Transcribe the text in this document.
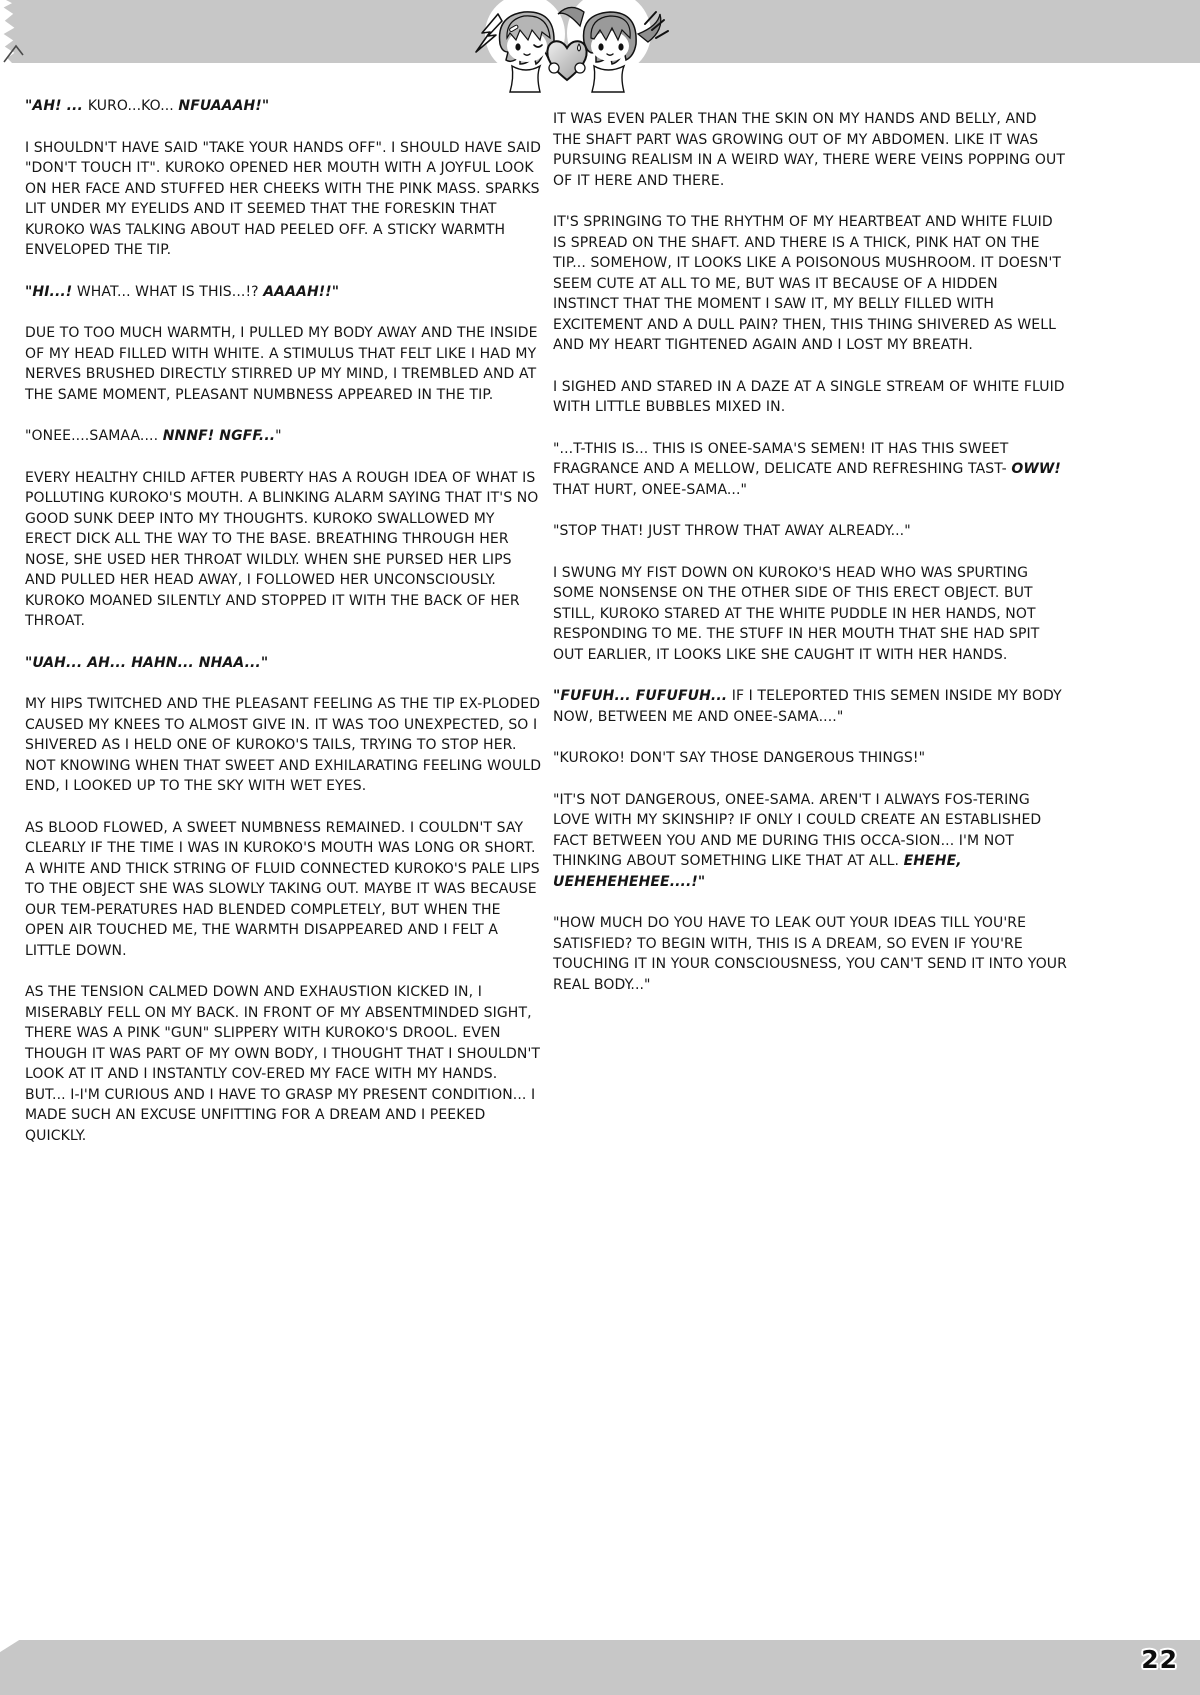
"AH! ... KURO...KO... NFUAAAH!"

I SHOULDN'T HAVE SAID "TAKE YOUR HANDS OFF". I SHOULD HAVE SAID "DON'T TOUCH IT". KUROKO OPENED HER MOUTH WITH A JOYFUL LOOK ON HER FACE AND STUFFED HER CHEEKS WITH THE PINK MASS. SPARKS LIT UNDER MY EYELIDS AND IT SEEMED THAT THE FORESKIN THAT KUROKO WAS TALKING ABOUT HAD PEELED OFF. A STICKY WARMTH ENVELOPED THE TIP.

"HI...! WHAT... WHAT IS THIS...!? AAAAH!!"

DUE TO TOO MUCH WARMTH, I PULLED MY BODY AWAY AND THE INSIDE OF MY HEAD FILLED WITH WHITE. A STIMULUS THAT FELT LIKE I HAD MY NERVES BRUSHED DIRECTLY STIRRED UP MY MIND, I TREMBLED AND AT THE SAME MOMENT, PLEASANT NUMBNESS APPEARED IN THE TIP.

"ONEE....SAMAA.... NNNF! NGFF..."

EVERY HEALTHY CHILD AFTER PUBERTY HAS A ROUGH IDEA OF WHAT IS POLLUTING KUROKO'S MOUTH. A BLINKING ALARM SAYING THAT IT'S NO GOOD SUNK DEEP INTO MY THOUGHTS. KUROKO SWALLOWED MY ERECT DICK ALL THE WAY TO THE BASE. BREATHING THROUGH HER NOSE, SHE USED HER THROAT WILDLY. WHEN SHE PURSED HER LIPS AND PULLED HER HEAD AWAY, I FOLLOWED HER UNCONSCIOUSLY. KUROKO MOANED SILENTLY AND STOPPED IT WITH THE BACK OF HER THROAT.

"UAH... AH... HAHN... NHAA..."

MY HIPS TWITCHED AND THE PLEASANT FEELING AS THE TIP EX-PLODED CAUSED MY KNEES TO ALMOST GIVE IN. IT WAS TOO UNEXPECTED, SO I SHIVERED AS I HELD ONE OF KUROKO'S TAILS, TRYING TO STOP HER. NOT KNOWING WHEN THAT SWEET AND EXHILARATING FEELING WOULD END, I LOOKED UP TO THE SKY WITH WET EYES.

AS BLOOD FLOWED, A SWEET NUMBNESS REMAINED. I COULDN'T SAY CLEARLY IF THE TIME I WAS IN KUROKO'S MOUTH WAS LONG OR SHORT. A WHITE AND THICK STRING OF FLUID CONNECTED KUROKO'S PALE LIPS TO THE OBJECT SHE WAS SLOWLY TAKING OUT. MAYBE IT WAS BECAUSE OUR TEM-PERATURES HAD BLENDED COMPLETELY, BUT WHEN THE OPEN AIR TOUCHED ME, THE WARMTH DISAPPEARED AND I FELT A LITTLE DOWN.

AS THE TENSION CALMED DOWN AND EXHAUSTION KICKED IN, I MISERABLY FELL ON MY BACK. IN FRONT OF MY ABSENTMINDED SIGHT, THERE WAS A PINK "GUN" SLIPPERY WITH KUROKO'S DROOL. EVEN THOUGH IT WAS PART OF MY OWN BODY, I THOUGHT THAT I SHOULDN'T LOOK AT IT AND I INSTANTLY COV-ERED MY FACE WITH MY HANDS. BUT... I-I'M CURIOUS AND I HAVE TO GRASP MY PRESENT CONDITION... I MADE SUCH AN EXCUSE UNFITTING FOR A DREAM AND I PEEKED QUICKLY.

IT WAS EVEN PALER THAN THE SKIN ON MY HANDS AND BELLY, AND THE SHAFT PART WAS GROWING OUT OF MY ABDOMEN. LIKE IT WAS PURSUING REALISM IN A WEIRD WAY, THERE WERE VEINS POPPING OUT OF IT HERE AND THERE.

IT'S SPRINGING TO THE RHYTHM OF MY HEARTBEAT AND WHITE FLUID IS SPREAD ON THE SHAFT. AND THERE IS A THICK, PINK HAT ON THE TIP... SOMEHOW, IT LOOKS LIKE A POISONOUS MUSHROOM. IT DOESN'T SEEM CUTE AT ALL TO ME, BUT WAS IT BECAUSE OF A HIDDEN INSTINCT THAT THE MOMENT I SAW IT, MY BELLY FILLED WITH EXCITEMENT AND A DULL PAIN? THEN, THIS THING SHIVERED AS WELL AND MY HEART TIGHTENED AGAIN AND I LOST MY BREATH.

I SIGHED AND STARED IN A DAZE AT A SINGLE STREAM OF WHITE FLUID WITH LITTLE BUBBLES MIXED IN.

"...T-THIS IS... THIS IS ONEE-SAMA'S SEMEN! IT HAS THIS SWEET FRAGRANCE AND A MELLOW, DELICATE AND REFRESHING TAST- OWW! THAT HURT, ONEE-SAMA..."

"STOP THAT! JUST THROW THAT AWAY ALREADY..."

I SWUNG MY FIST DOWN ON KUROKO'S HEAD WHO WAS SPURTING SOME NONSENSE ON THE OTHER SIDE OF THIS ERECT OBJECT. BUT STILL, KUROKO STARED AT THE WHITE PUDDLE IN HER HANDS, NOT RESPONDING TO ME. THE STUFF IN HER MOUTH THAT SHE HAD SPIT OUT EARLIER, IT LOOKS LIKE SHE CAUGHT IT WITH HER HANDS.

"FUFUH... FUFUFUH... IF I TELEPORTED THIS SEMEN INSIDE MY BODY NOW, BETWEEN ME AND ONEE-SAMA...."

"KUROKO! DON'T SAY THOSE DANGEROUS THINGS!"

"IT'S NOT DANGEROUS, ONEE-SAMA. AREN'T I ALWAYS FOS-TERING LOVE WITH MY SKINSHIP? IF ONLY I COULD CREATE AN ESTABLISHED FACT BETWEEN YOU AND ME DURING THIS OCCA-SION... I'M NOT THINKING ABOUT SOMETHING LIKE THAT AT ALL. EHEHE, UEHEHEHEHEE....!"

"HOW MUCH DO YOU HAVE TO LEAK OUT YOUR IDEAS TILL YOU'RE SATISFIED? TO BEGIN WITH, THIS IS A DREAM, SO EVEN IF YOU'RE TOUCHING IT IN YOUR CONSCIOUSNESS, YOU CAN'T SEND IT INTO YOUR REAL BODY..."

22
